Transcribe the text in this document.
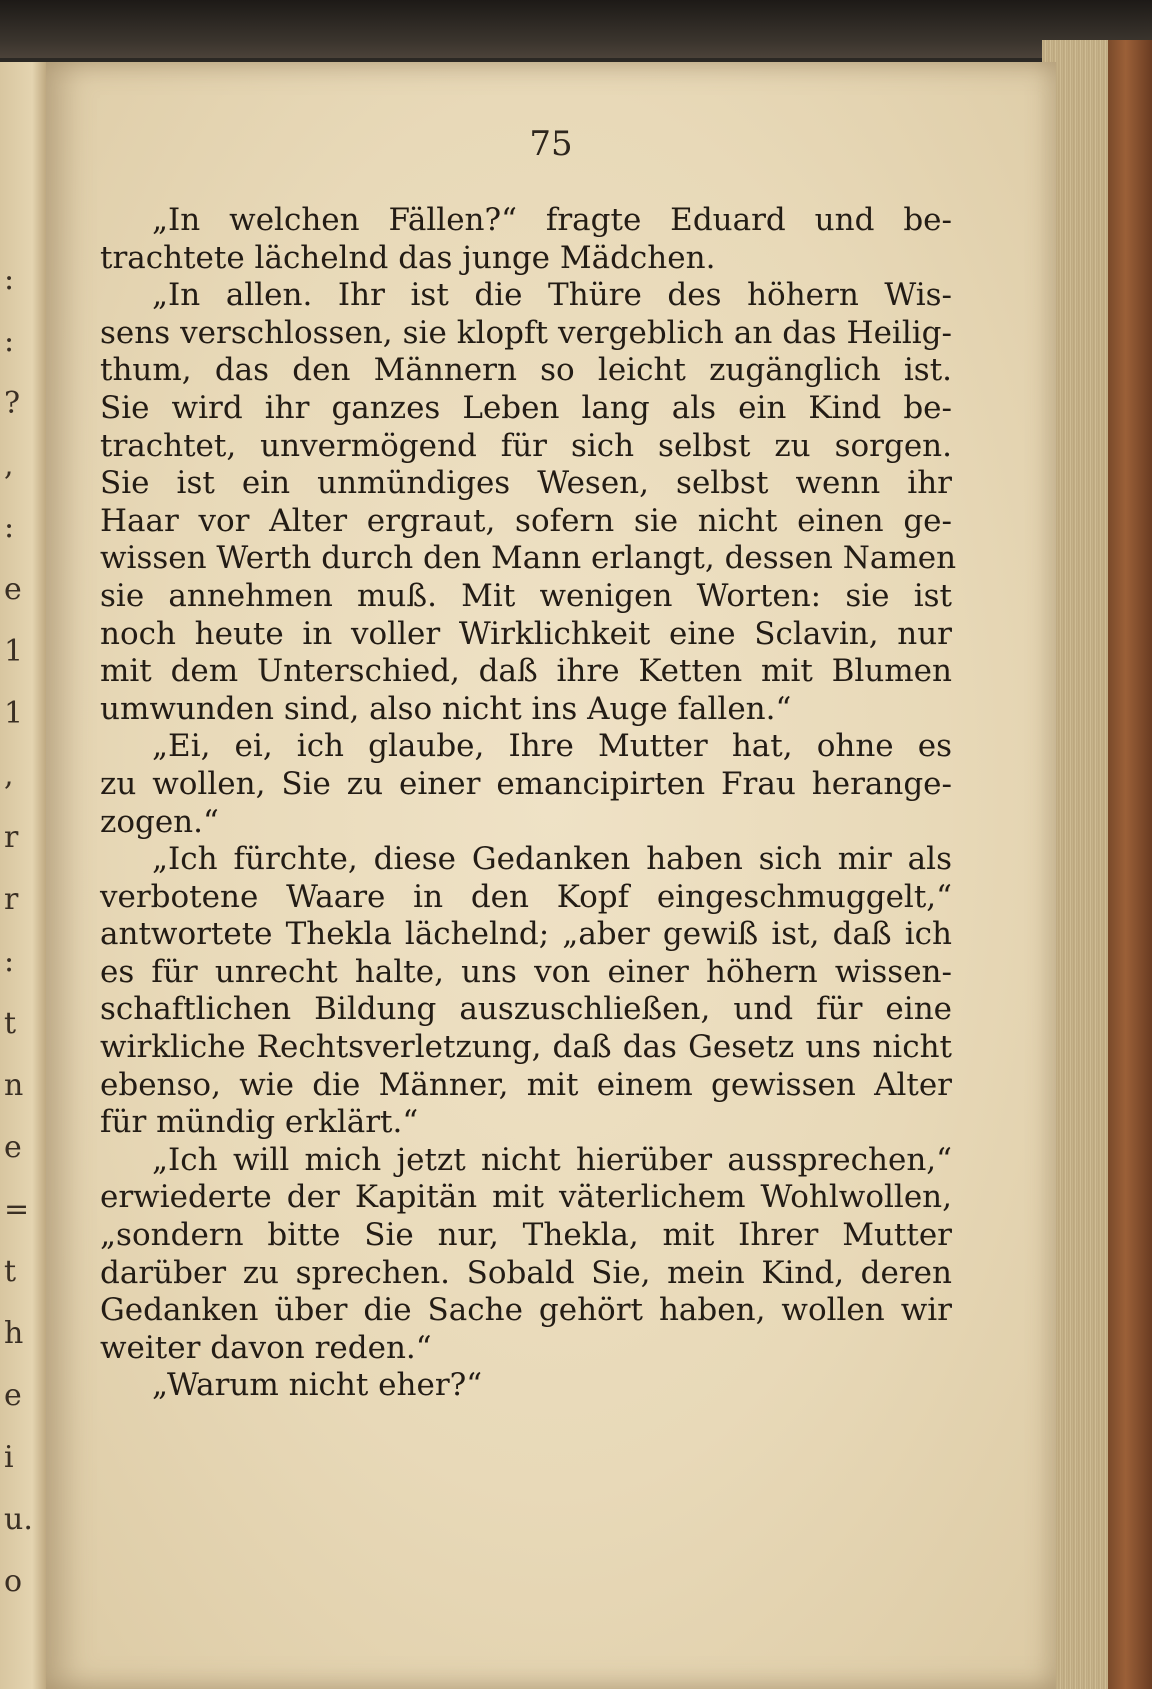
:
:
?
,
:
e
1
1
,
r
r
:
t
n
e
=
t
h
e
i
u.
o
75
„In welchen Fällen?“ fragte Eduard und be-
trachtete lächelnd das junge Mädchen.
„In allen. Ihr ist die Thüre des höhern Wis-
sens verschlossen, sie klopft vergeblich an das Heilig-
thum, das den Männern so leicht zugänglich ist.
Sie wird ihr ganzes Leben lang als ein Kind be-
trachtet, unvermögend für sich selbst zu sorgen.
Sie ist ein unmündiges Wesen, selbst wenn ihr
Haar vor Alter ergraut, sofern sie nicht einen ge-
wissen Werth durch den Mann erlangt, dessen Namen
sie annehmen muß. Mit wenigen Worten: sie ist
noch heute in voller Wirklichkeit eine Sclavin, nur
mit dem Unterschied, daß ihre Ketten mit Blumen
umwunden sind, also nicht ins Auge fallen.“
„Ei, ei, ich glaube, Ihre Mutter hat, ohne es
zu wollen, Sie zu einer emancipirten Frau herange-
zogen.“
„Ich fürchte, diese Gedanken haben sich mir als
verbotene Waare in den Kopf eingeschmuggelt,“
antwortete Thekla lächelnd; „aber gewiß ist, daß ich
es für unrecht halte, uns von einer höhern wissen-
schaftlichen Bildung auszuschließen, und für eine
wirkliche Rechtsverletzung, daß das Gesetz uns nicht
ebenso, wie die Männer, mit einem gewissen Alter
für mündig erklärt.“
„Ich will mich jetzt nicht hierüber aussprechen,“
erwiederte der Kapitän mit väterlichem Wohlwollen,
„sondern bitte Sie nur, Thekla, mit Ihrer Mutter
darüber zu sprechen. Sobald Sie, mein Kind, deren
Gedanken über die Sache gehört haben, wollen wir
weiter davon reden.“
„Warum nicht eher?“
